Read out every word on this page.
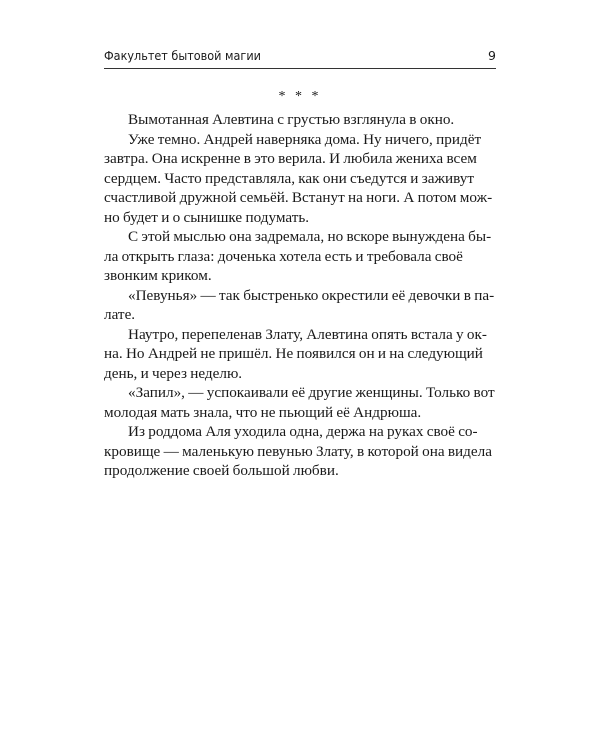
Факультет бытовой магии	9
* * *
Вымотанная Алевтина с грустью взглянула в окно.
Уже темно. Андрей наверняка дома. Ну ничего, придёт
завтра. Она искренне в это верила. И любила жениха всем
сердцем. Часто представляла, как они съедутся и заживут
счастливой дружной семьёй. Встанут на ноги. А потом мож-
но будет и о сынишке подумать.
С этой мыслью она задремала, но вскоре вынуждена бы-
ла открыть глаза: доченька хотела есть и требовала своё
звонким криком.
«Певунья» — так быстренько окрестили её девочки в па-
лате.
Наутро, перепеленав Злату, Алевтина опять встала у ок-
на. Но Андрей не пришёл. Не появился он и на следующий
день, и через неделю.
«Запил», — успокаивали её другие женщины. Только вот
молодая мать знала, что не пьющий её Андрюша.
Из роддома Аля уходила одна, держа на руках своё со-
кровище — маленькую певунью Злату, в которой она видела
продолжение своей большой любви.
